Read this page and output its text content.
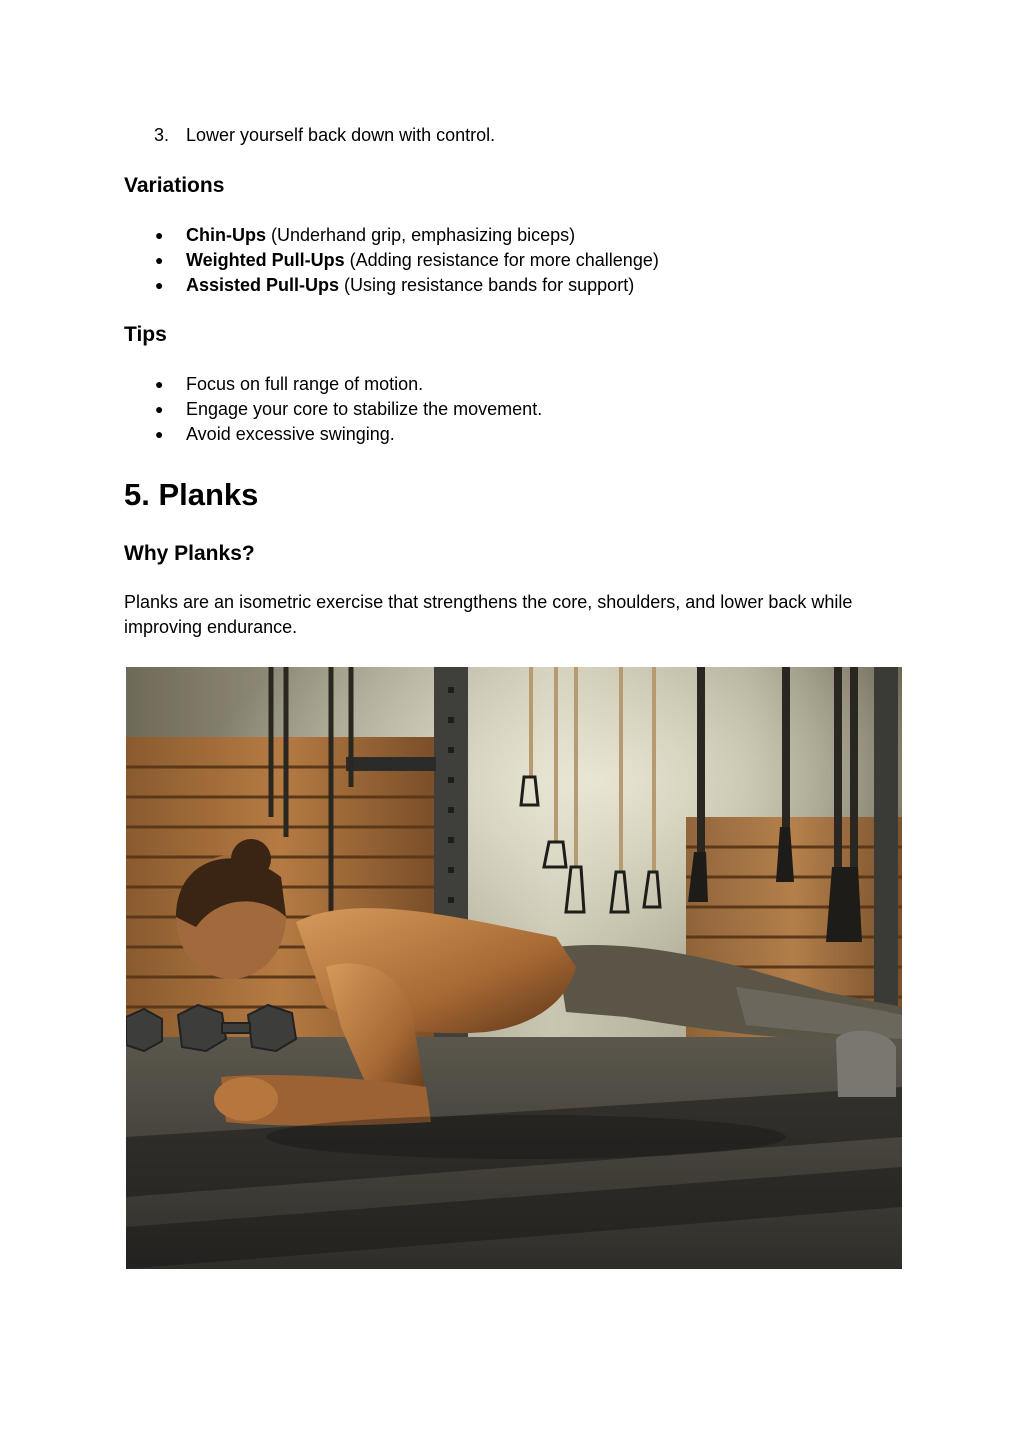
3. Lower yourself back down with control.
Variations
● Chin-Ups (Underhand grip, emphasizing biceps)
● Weighted Pull-Ups (Adding resistance for more challenge)
● Assisted Pull-Ups (Using resistance bands for support)
Tips
● Focus on full range of motion.
● Engage your core to stabilize the movement.
● Avoid excessive swinging.
5. Planks
Why Planks?
Planks are an isometric exercise that strengthens the core, shoulders, and lower back while improving endurance.
